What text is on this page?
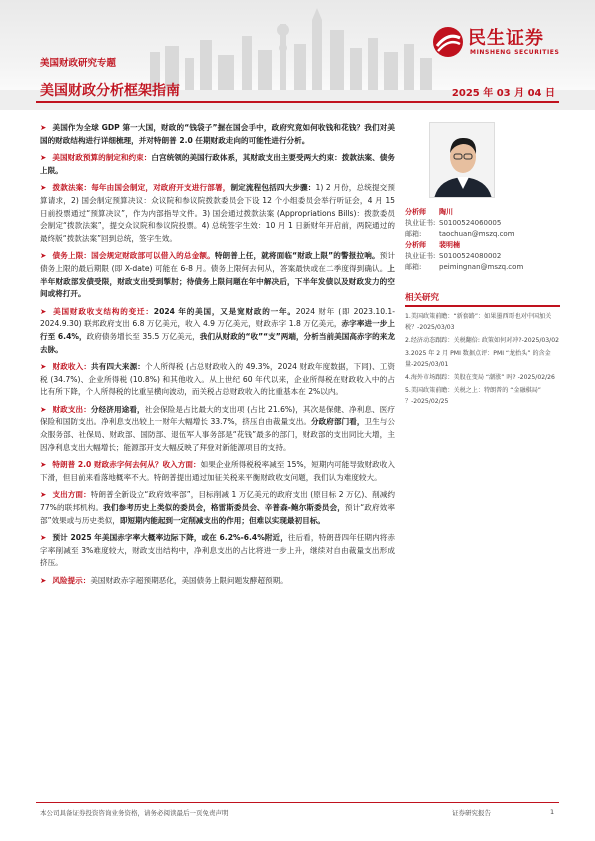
美国财政研究专题
美国财政分析框架指南	2025 年 03 月 04 日
民生证券
MINSHENG SECURITIES

➤ 美国作为全球 GDP 第一大国，财政的“钱袋子”握在国会手中，政府究竟如何收钱和花钱？我们对美国的财政结构进行详细梳理，并对特朗普 2.0 任期财政走向的可能性进行分析。

➤ 美国财政预算的制定和约束：白宫统领的美国行政体系，其财政支出主要受两大约束：拨款法案、债务上限。

➤ 拨款法案：每年由国会制定，对政府开支进行部署，制定流程包括四大步骤：1) 2 月份，总统提交预算请求，2) 国会制定预算决议：众议院和参议院拨款委员会下设 12 个小组委员会举行听证会，4 月 15 日前投票通过“预算决议”，作为内部指导文件。3) 国会通过拨款法案 (Appropriations Bills)：拨款委员会制定“拨款法案”，提交众议院和参议院投票。4) 总统签字生效：10 月 1 日新财年开启前，两院通过的最终版“拨款法案”回到总统，签字生效。

➤ 债务上限：国会规定财政部可以借入的总金额。特朗普上任，就将面临“财政上限”的警报拉响。预计债务上限的最后期限 (即 X-date) 可能在 6-8 月。债务上限何去何从，答案最快或在二季度得到确认。上半年财政部发债受限，财政支出受到掣肘；待债务上限问题在年中解决后，下半年发债以及财政发力的空间或将打开。

➤ 美国财政收支结构的变迁：2024 年的美国，又是宽财政的一年。2024 财年 (即 2023.10.1-2024.9.30) 联邦政府支出 6.8 万亿美元，收入 4.9 万亿美元，财政赤字 1.8 万亿美元，赤字率进一步上行至 6.4%，政府债务增长至 35.5 万亿美元，我们从财政的“收”“支”两端，分析当前美国高赤字的来龙去脉。

➤ 财政收入：共有四大来源：个人所得税 (占总财政收入的 49.3%，2024 财政年度数据，下同)、工资税 (34.7%)、企业所得税 (10.8%) 和其他收入。从上世纪 60 年代以来，企业所得税在财政收入中的占比有所下降，个人所得税的比重呈横向波动，而关税占总财政收入的比重基本在 2%以内。

➤ 财政支出：分经济用途看，社会保险是占比最大的支出项 (占比 21.6%)，其次是保健、净利息、医疗保险和国防支出。净利息支出较上一财年大幅增长 33.7%，挤压自由裁量支出。分政府部门看，卫生与公众服务部、社保局、财政部、国防部、退伍军人事务部是“花钱”最多的部门，财政部的支出同比大增，主因净利息支出大幅增长；能源部开支大幅反映了拜登对新能源项目的支持。

➤ 特朗普 2.0 财政赤字何去何从？收入方面：如果企业所得税税率减至 15%，短期内可能导致财政收入下滑，但目前来看落地概率不大。特朗普提出通过加征关税来平衡财政收支问题，我们认为难度较大。

➤ 支出方面：特朗普全新设立“政府效率部”，目标削减 1 万亿美元的政府支出 (原目标 2 万亿)、削减约 77%的联邦机构。我们参考历史上类似的委员会，格雷斯委员会、辛普森-鲍尔斯委员会，预计“政府效率部”效果或与历史类似，即短期内能起到一定削减支出的作用；但难以实现最初目标。

➤ 预计 2025 年美国赤字率大概率边际下降，或在 6.2%-6.4%附近，往后看，特朗普四年任期内将赤字率削减至 3%难度较大，财政支出结构中，净利息支出的占比将进一步上升，继续对自由裁量支出形成挤压。

➤ 风险提示：美国财政赤字超预期恶化，美国债务上限问题发酵超预期。

分析师	陶川
执业证书: S0100524060005
邮箱:	taochuan@mszq.com
分析师	裴明楠
执业证书: S0100524080002
邮箱:	peimingnan@mszq.com
相关研究
1.美国政策前瞻：“新套路”：如果墨西哥也对中国加关税？-2025/03/03
2.经济动态跟踪：关税翻倍: 政策如何对冲?-2025/03/02
3.2025 年 2 月 PMI 数据点评：PMI “龙抬头” 的含金量-2025/03/01
4.海外市场跟踪：美股在变局 “潮涨” 吗? -2025/02/26
5.美国政策前瞻：关税之上：特朗普的 “金融棋局” ？-2025/02/25
本公司具备证券投资咨询业务资格，请务必阅读最后一页免责声明	证券研究报告	1
